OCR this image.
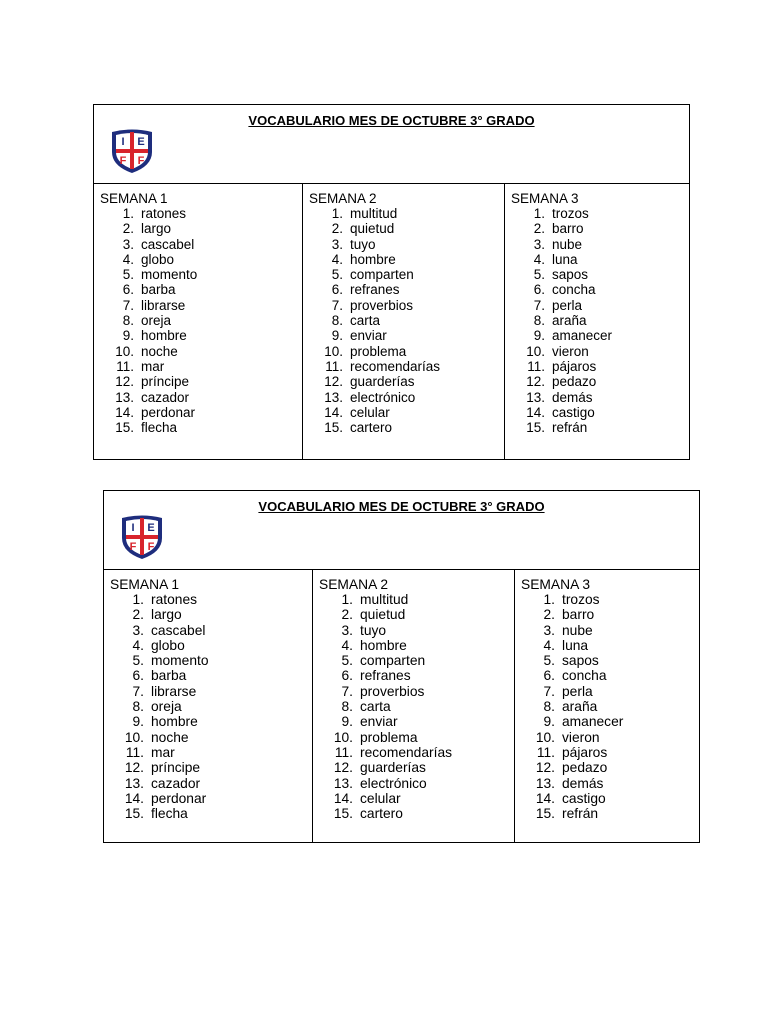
VOCABULARIO MES DE OCTUBRE 3° GRADO
I E
F F
SEMANA 1
1. ratones
2. largo
3. cascabel
4. globo
5. momento
6. barba
7. librarse
8. oreja
9. hombre
10. noche
11. mar
12. príncipe
13. cazador
14. perdonar
15. flecha
SEMANA 2
1. multitud
2. quietud
3. tuyo
4. hombre
5. comparten
6. refranes
7. proverbios
8. carta
9. enviar
10. problema
11. recomendarías
12. guarderías
13. electrónico
14. celular
15. cartero
SEMANA 3
1. trozos
2. barro
3. nube
4. luna
5. sapos
6. concha
7. perla
8. araña
9. amanecer
10. vieron
11. pájaros
12. pedazo
13. demás
14. castigo
15. refrán
VOCABULARIO MES DE OCTUBRE 3° GRADO
I E
F F
SEMANA 1
1. ratones
2. largo
3. cascabel
4. globo
5. momento
6. barba
7. librarse
8. oreja
9. hombre
10. noche
11. mar
12. príncipe
13. cazador
14. perdonar
15. flecha
SEMANA 2
1. multitud
2. quietud
3. tuyo
4. hombre
5. comparten
6. refranes
7. proverbios
8. carta
9. enviar
10. problema
11. recomendarías
12. guarderías
13. electrónico
14. celular
15. cartero
SEMANA 3
1. trozos
2. barro
3. nube
4. luna
5. sapos
6. concha
7. perla
8. araña
9. amanecer
10. vieron
11. pájaros
12. pedazo
13. demás
14. castigo
15. refrán
